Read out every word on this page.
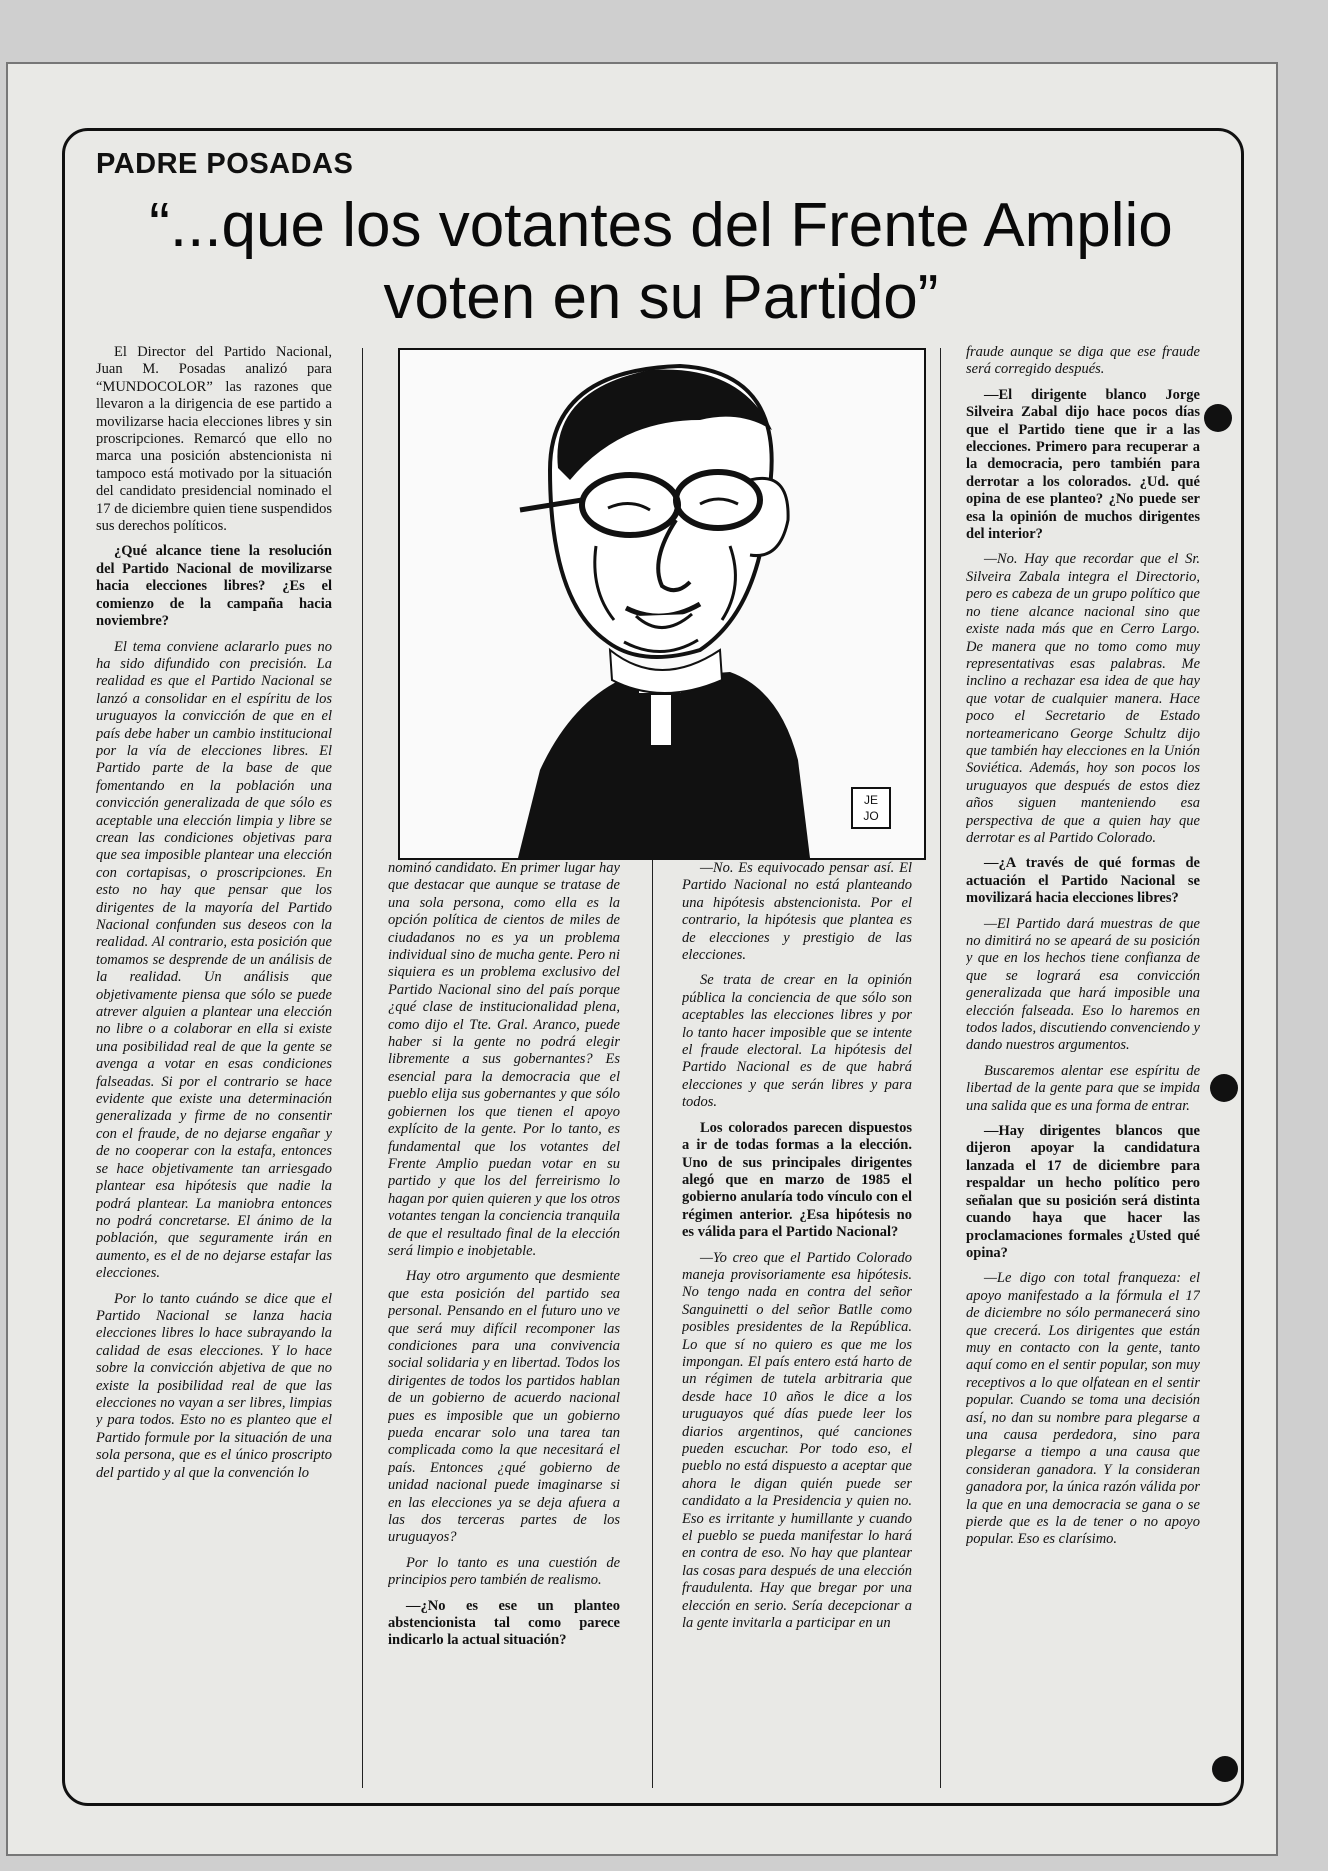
PADRE POSADAS
“...que los votantes del Frente Amplio voten en su Partido”

El Director del Partido Nacional, Juan M. Posadas analizó para “MUNDOCOLOR” las razones que llevaron a la dirigencia de ese partido a movilizarse hacia elecciones libres y sin proscripciones. Remarcó que ello no marca una posición abstencionista ni tampoco está motivado por la situación del candidato presidencial nominado el 17 de diciembre quien tiene suspendidos sus derechos políticos.

¿Qué alcance tiene la resolución del Partido Nacional de movilizarse hacia elecciones libres? ¿Es el comienzo de la campaña hacia noviembre?

El tema conviene aclararlo pues no ha sido difundido con precisión. La realidad es que el Partido Nacional se lanzó a consolidar en el espíritu de los uruguayos la convicción de que en el país debe haber un cambio institucional por la vía de elecciones libres. El Partido parte de la base de que fomentando en la población una convicción generalizada de que sólo es aceptable una elección limpia y libre se crean las condiciones objetivas para que sea imposible plantear una elección con cortapisas, o proscripciones. En esto no hay que pensar que los dirigentes de la mayoría del Partido Nacional confunden sus deseos con la realidad. Al contrario, esta posición que tomamos se desprende de un análisis de la realidad. Un análisis que objetivamente piensa que sólo se puede atrever alguien a plantear una elección no libre o a colaborar en ella si existe una posibilidad real de que la gente se avenga a votar en esas condiciones falseadas. Si por el contrario se hace evidente que existe una determinación generalizada y firme de no consentir con el fraude, de no dejarse engañar y de no cooperar con la estafa, entonces se hace objetivamente tan arriesgado plantear esa hipótesis que nadie la podrá plantear. La maniobra entonces no podrá concretarse. El ánimo de la población, que seguramente irán en aumento, es el de no dejarse estafar las elecciones.

Por lo tanto cuándo se dice que el Partido Nacional se lanza hacia elecciones libres lo hace subrayando la calidad de esas elecciones. Y lo hace sobre la convicción abjetiva de que no existe la posibilidad real de que las elecciones no vayan a ser libres, limpias y para todos. Esto no es planteo que el Partido formule por la situación de una sola persona, que es el único proscripto del partido y al que la convención lo

nominó candidato. En primer lugar hay que destacar que aunque se tratase de una sola persona, como ella es la opción política de cientos de miles de ciudadanos no es ya un problema individual sino de mucha gente. Pero ni siquiera es un problema exclusivo del Partido Nacional sino del país porque ¿qué clase de institucionalidad plena, como dijo el Tte. Gral. Aranco, puede haber si la gente no podrá elegir libremente a sus gobernantes? Es esencial para la democracia que el pueblo elija sus gobernantes y que sólo gobiernen los que tienen el apoyo explícito de la gente. Por lo tanto, es fundamental que los votantes del Frente Amplio puedan votar en su partido y que los del ferreirismo lo hagan por quien quieren y que los otros votantes tengan la conciencia tranquila de que el resultado final de la elección será limpio e inobjetable.

Hay otro argumento que desmiente que esta posición del partido sea personal. Pensando en el futuro uno ve que será muy difícil recomponer las condiciones para una convivencia social solidaria y en libertad. Todos los dirigentes de todos los partidos hablan de un gobierno de acuerdo nacional pues es imposible que un gobierno pueda encarar solo una tarea tan complicada como la que necesitará el país. Entonces ¿qué gobierno de unidad nacional puede imaginarse si en las elecciones ya se deja afuera a las dos terceras partes de los uruguayos?

Por lo tanto es una cuestión de principios pero también de realismo.

—¿No es ese un planteo abstencionista tal como parece indicarlo la actual situación?

—No. Es equivocado pensar así. El Partido Nacional no está planteando una hipótesis abstencionista. Por el contrario, la hipótesis que plantea es de elecciones y prestigio de las elecciones.

Se trata de crear en la opinión pública la conciencia de que sólo son aceptables las elecciones libres y por lo tanto hacer imposible que se intente el fraude electoral. La hipótesis del Partido Nacional es de que habrá elecciones y que serán libres y para todos.

Los colorados parecen dispuestos a ir de todas formas a la elección. Uno de sus principales dirigentes alegó que en marzo de 1985 el gobierno anularía todo vínculo con el régimen anterior. ¿Esa hipótesis no es válida para el Partido Nacional?

—Yo creo que el Partido Colorado maneja provisoriamente esa hipótesis. No tengo nada en contra del señor Sanguinetti o del señor Batlle como posibles presidentes de la República. Lo que sí no quiero es que me los impongan. El país entero está harto de un régimen de tutela arbitraria que desde hace 10 años le dice a los uruguayos qué días puede leer los diarios argentinos, qué canciones pueden escuchar. Por todo eso, el pueblo no está dispuesto a aceptar que ahora le digan quién puede ser candidato a la Presidencia y quien no. Eso es irritante y humillante y cuando el pueblo se pueda manifestar lo hará en contra de eso. No hay que plantear las cosas para después de una elección fraudulenta. Hay que bregar por una elección en serio. Sería decepcionar a la gente invitarla a participar en un

fraude aunque se diga que ese fraude será corregido después.

—El dirigente blanco Jorge Silveira Zabal dijo hace pocos días que el Partido tiene que ir a las elecciones. Primero para recuperar a la democracia, pero también para derrotar a los colorados. ¿Ud. qué opina de ese planteo? ¿No puede ser esa la opinión de muchos dirigentes del interior?

—No. Hay que recordar que el Sr. Silveira Zabala integra el Directorio, pero es cabeza de un grupo político que no tiene alcance nacional sino que existe nada más que en Cerro Largo. De manera que no tomo como muy representativas esas palabras. Me inclino a rechazar esa idea de que hay que votar de cualquier manera. Hace poco el Secretario de Estado norteamericano George Schultz dijo que también hay elecciones en la Unión Soviética. Además, hoy son pocos los uruguayos que después de estos diez años siguen manteniendo esa perspectiva de que a quien hay que derrotar es al Partido Colorado.

—¿A través de qué formas de actuación el Partido Nacional se movilizará hacia elecciones libres?

—El Partido dará muestras de que no dimitirá no se apeará de su posición y que en los hechos tiene confianza de que se logrará esa convicción generalizada que hará imposible una elección falseada. Eso lo haremos en todos lados, discutiendo convenciendo y dando nuestros argumentos.

Buscaremos alentar ese espíritu de libertad de la gente para que se impida una salida que es una forma de entrar.

—Hay dirigentes blancos que dijeron apoyar la candidatura lanzada el 17 de diciembre para respaldar un hecho político pero señalan que su posición será distinta cuando haya que hacer las proclamaciones formales ¿Usted qué opina?

—Le digo con total franqueza: el apoyo manifestado a la fórmula el 17 de diciembre no sólo permanecerá sino que crecerá. Los dirigentes que están muy en contacto con la gente, tanto aquí como en el sentir popular, son muy receptivos a lo que olfatean en el sentir popular. Cuando se toma una decisión así, no dan su nombre para plegarse a una causa perdedora, sino para plegarse a tiempo a una causa que consideran ganadora. Y la consideran ganadora por, la única razón válida por la que en una democracia se gana o se pierde que es la de tener o no apoyo popular. Eso es clarísimo.

JE
JO
